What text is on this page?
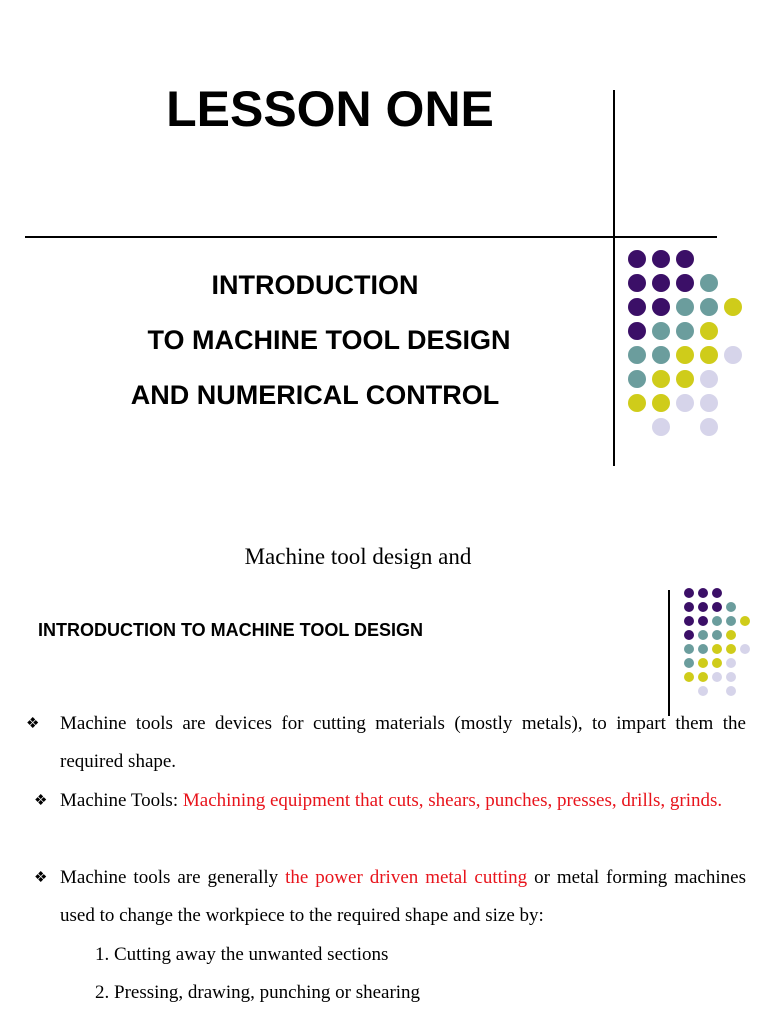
LESSON ONE
INTRODUCTION
TO MACHINE TOOL DESIGN
AND NUMERICAL CONTROL
Machine tool design and
INTRODUCTION TO MACHINE TOOL DESIGN
❖ Machine tools are devices for cutting materials (mostly metals), to impart them the required shape.
❖ Machine Tools: Machining equipment that cuts, shears, punches, presses, drills, grinds.
❖ Machine tools are generally the power driven metal cutting or metal forming machines used to change the workpiece to the required shape and size by:
1. Cutting away the unwanted sections
2. Pressing, drawing, punching or shearing
